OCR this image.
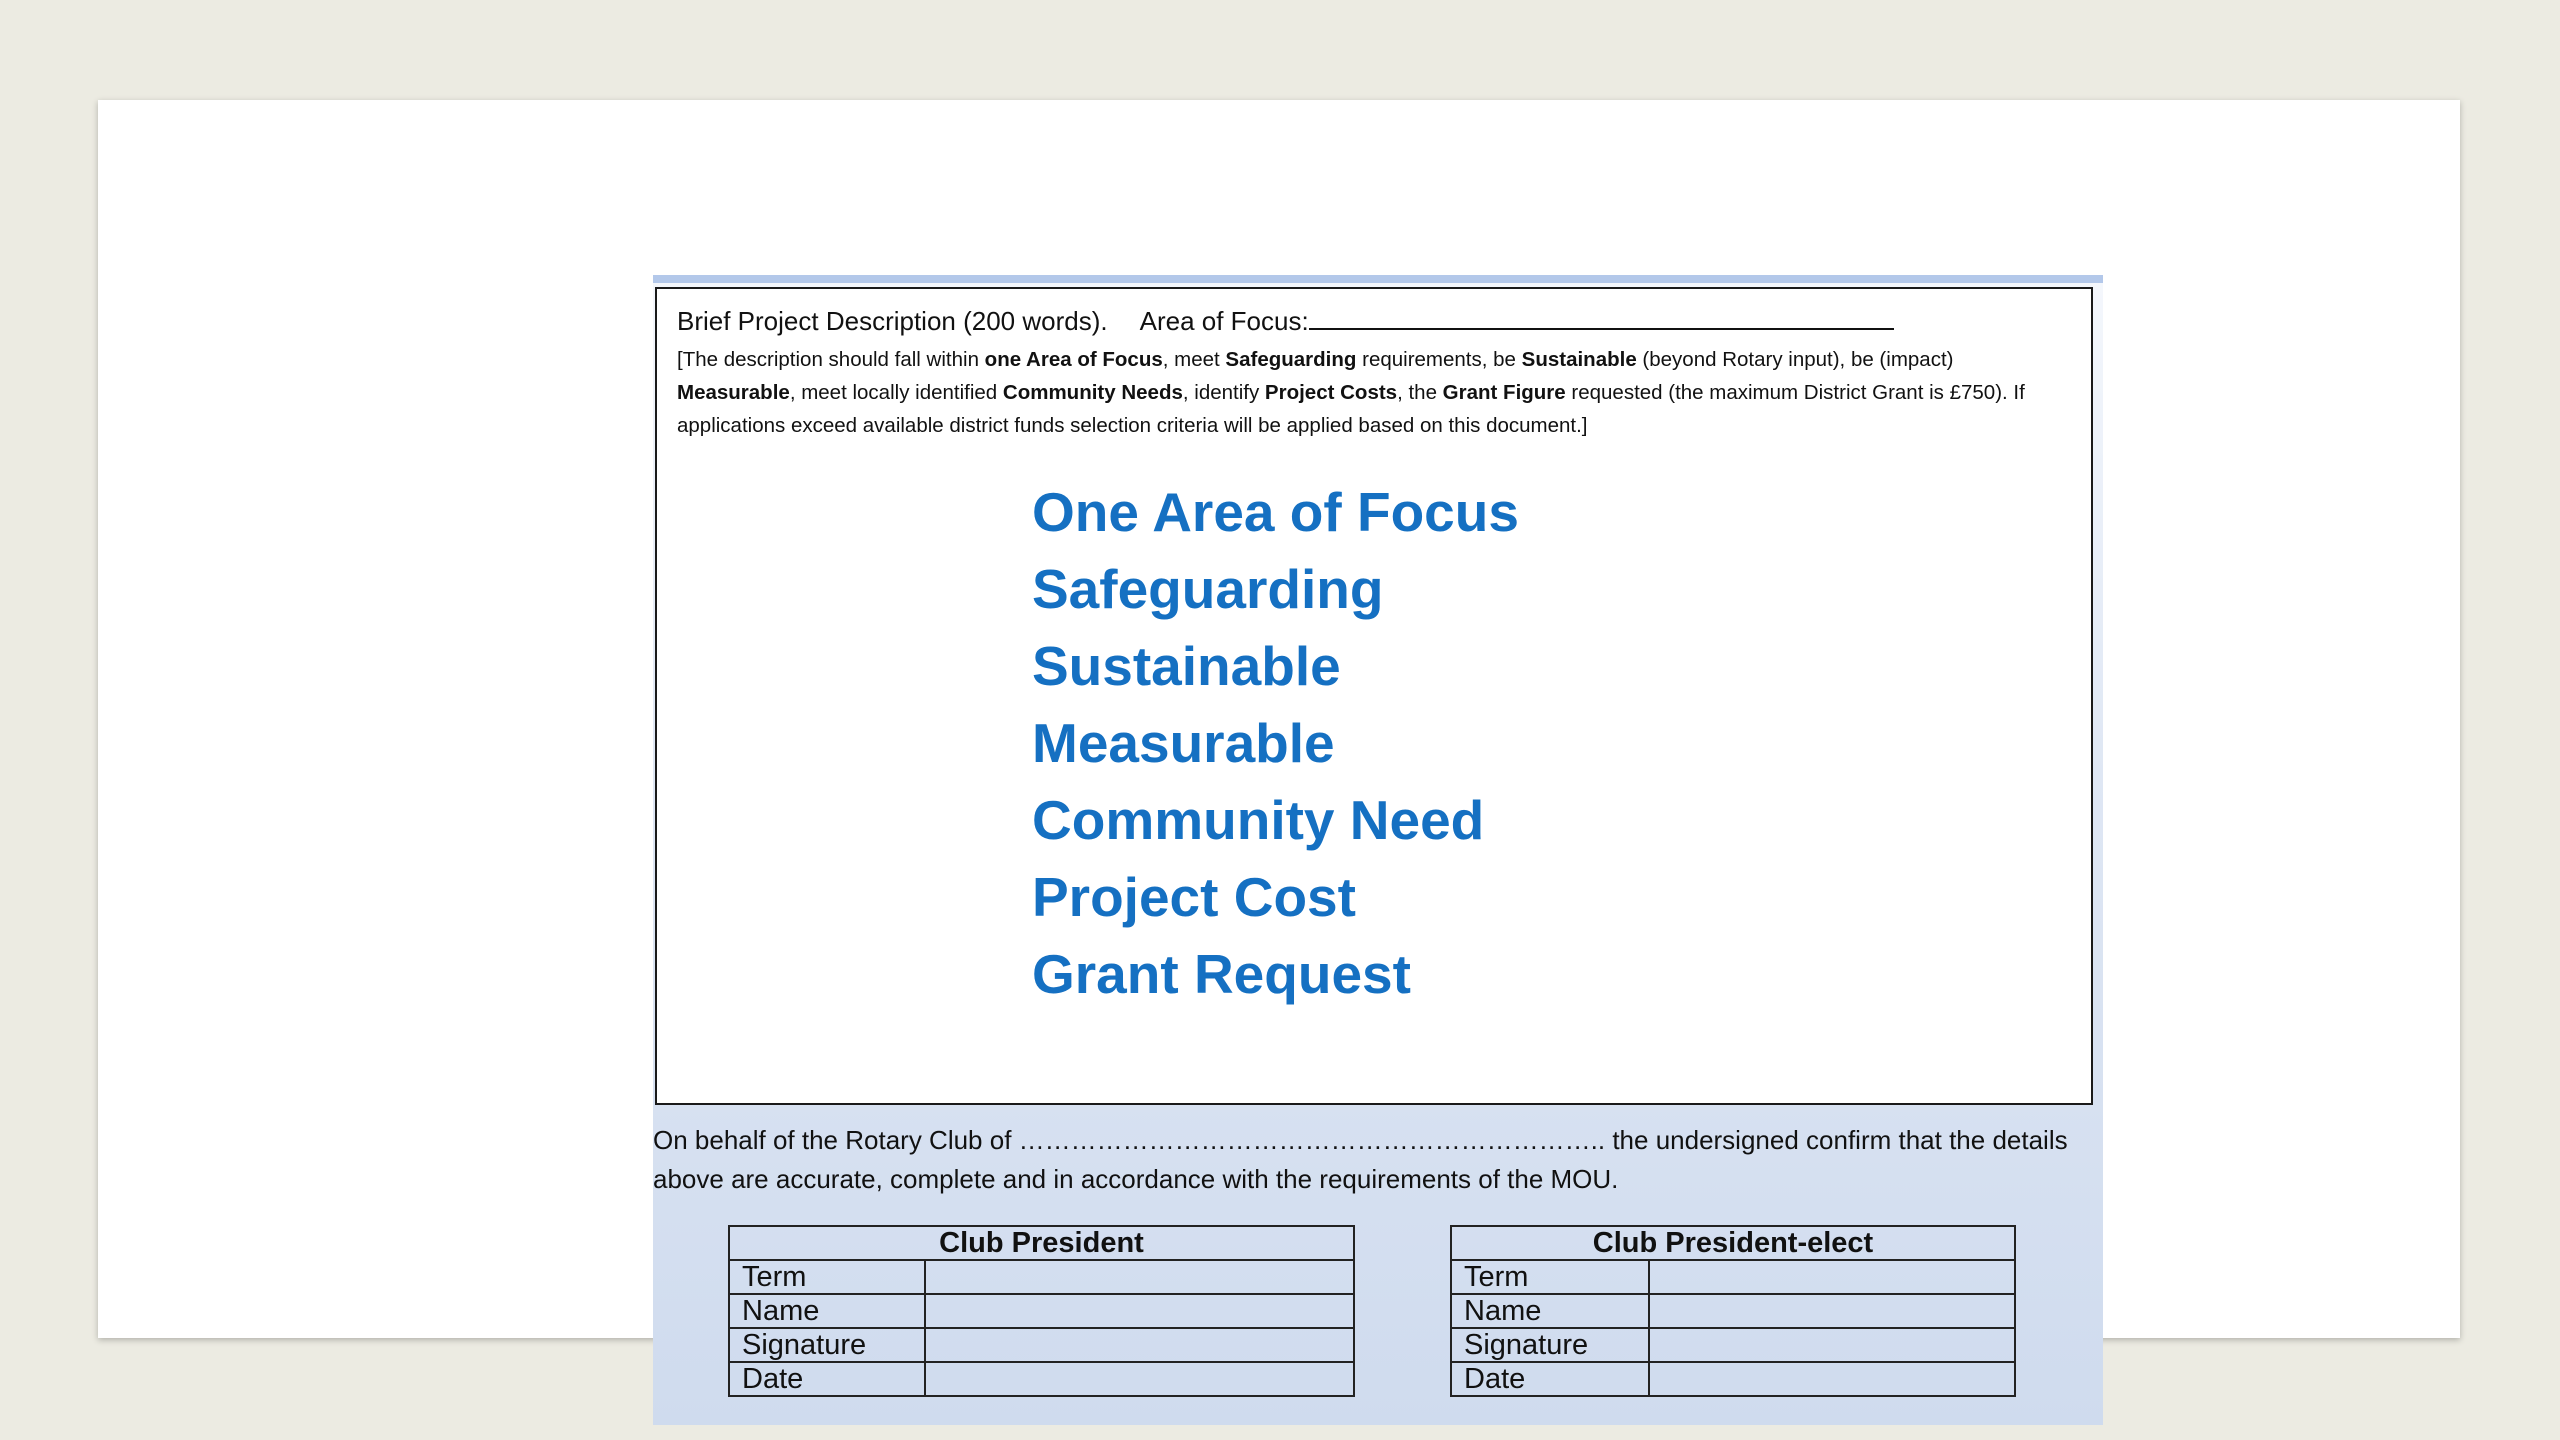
Brief Project Description (200 words). Area of Focus:
[The description should fall within one Area of Focus, meet Safeguarding requirements, be Sustainable (beyond Rotary input), be (impact) Measurable, meet locally identified Community Needs, identify Project Costs, the Grant Figure requested (the maximum District Grant is £750). If applications exceed available district funds selection criteria will be applied based on this document.]
One Area of Focus
Safeguarding
Sustainable
Measurable
Community Need
Project Cost
Grant Request
On behalf of the Rotary Club of ………………………………………………………….. the undersigned confirm that the details above are accurate, complete and in accordance with the requirements of the MOU.
Club President	
Term	
Name	
Signature	
Date	
Club President-elect	
Term	
Name	
Signature	
Date	
